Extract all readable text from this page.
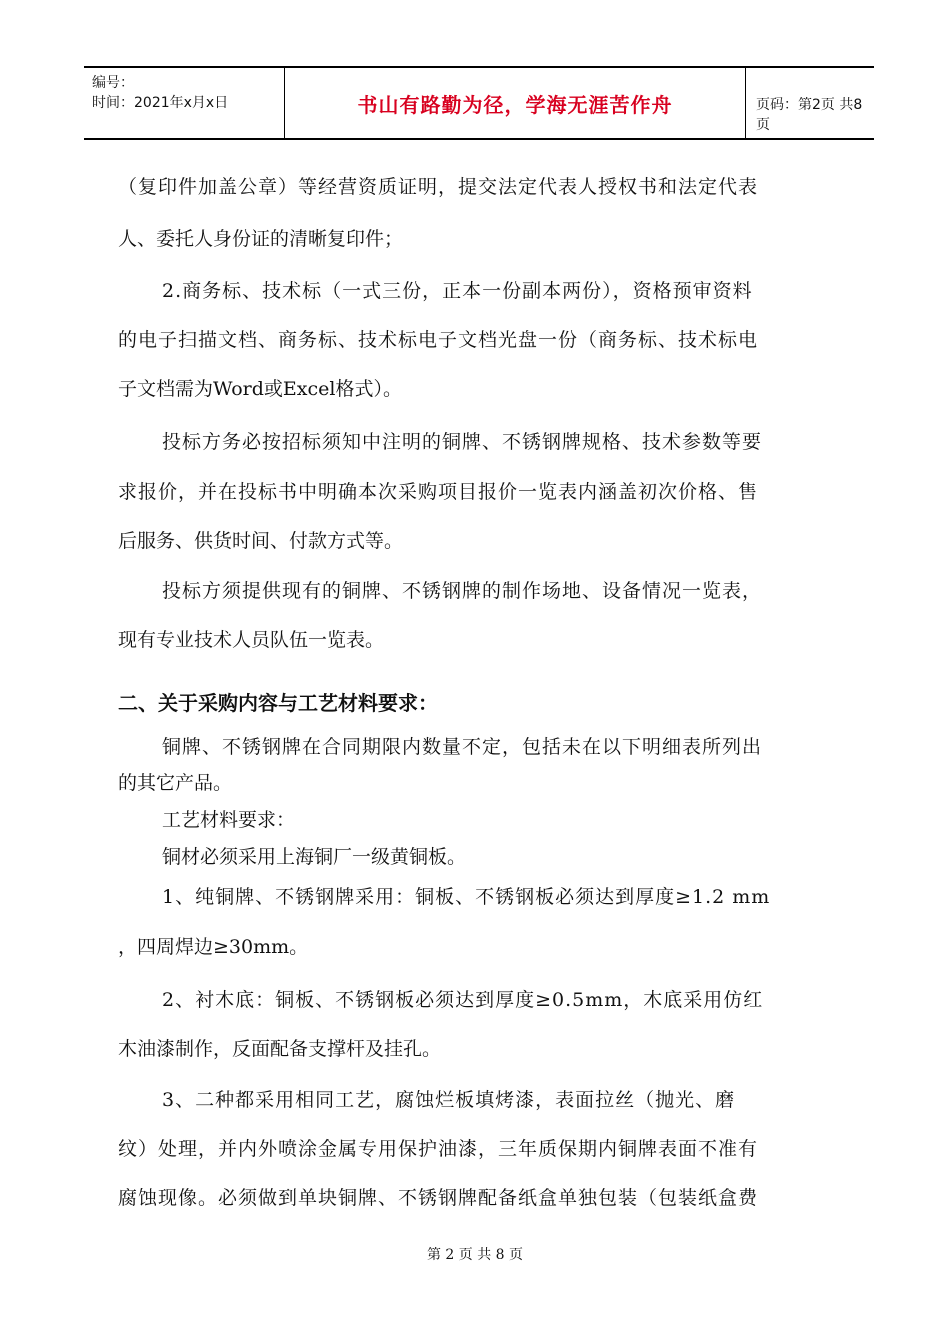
编号：
时间：2021年x月x日	书山有路勤为径，学海无涯苦作舟	页码：第2页 共8页

（复印件加盖公章）等经营资质证明，提交法定代表人授权书和法定代表

人、委托人身份证的清晰复印件；

2.商务标、技术标（一式三份，正本一份副本两份），资格预审资料

的电子扫描文档、商务标、技术标电子文档光盘一份（商务标、技术标电

子文档需为Word或Excel格式）。

投标方务必按招标须知中注明的铜牌、不锈钢牌规格、技术参数等要

求报价，并在投标书中明确本次采购项目报价一览表内涵盖初次价格、售

后服务、供货时间、付款方式等。

投标方须提供现有的铜牌、不锈钢牌的制作场地、设备情况一览表，

现有专业技术人员队伍一览表。

二、关于采购内容与工艺材料要求：

铜牌、不锈钢牌在合同期限内数量不定，包括未在以下明细表所列出

的其它产品。

工艺材料要求：

铜材必须采用上海铜厂一级黄铜板。

1、纯铜牌、不锈钢牌采用：铜板、不锈钢板必须达到厚度≥1.2 mm

，四周焊边≥30mm。

2、衬木底：铜板、不锈钢板必须达到厚度≥0.5mm，木底采用仿红

木油漆制作，反面配备支撑杆及挂孔。

3、二种都采用相同工艺，腐蚀烂板填烤漆，表面拉丝（抛光、磨

纹）处理，并内外喷涂金属专用保护油漆，三年质保期内铜牌表面不准有

腐蚀现像。必须做到单块铜牌、不锈钢牌配备纸盒单独包装（包装纸盒费

第 2 页 共 8 页
